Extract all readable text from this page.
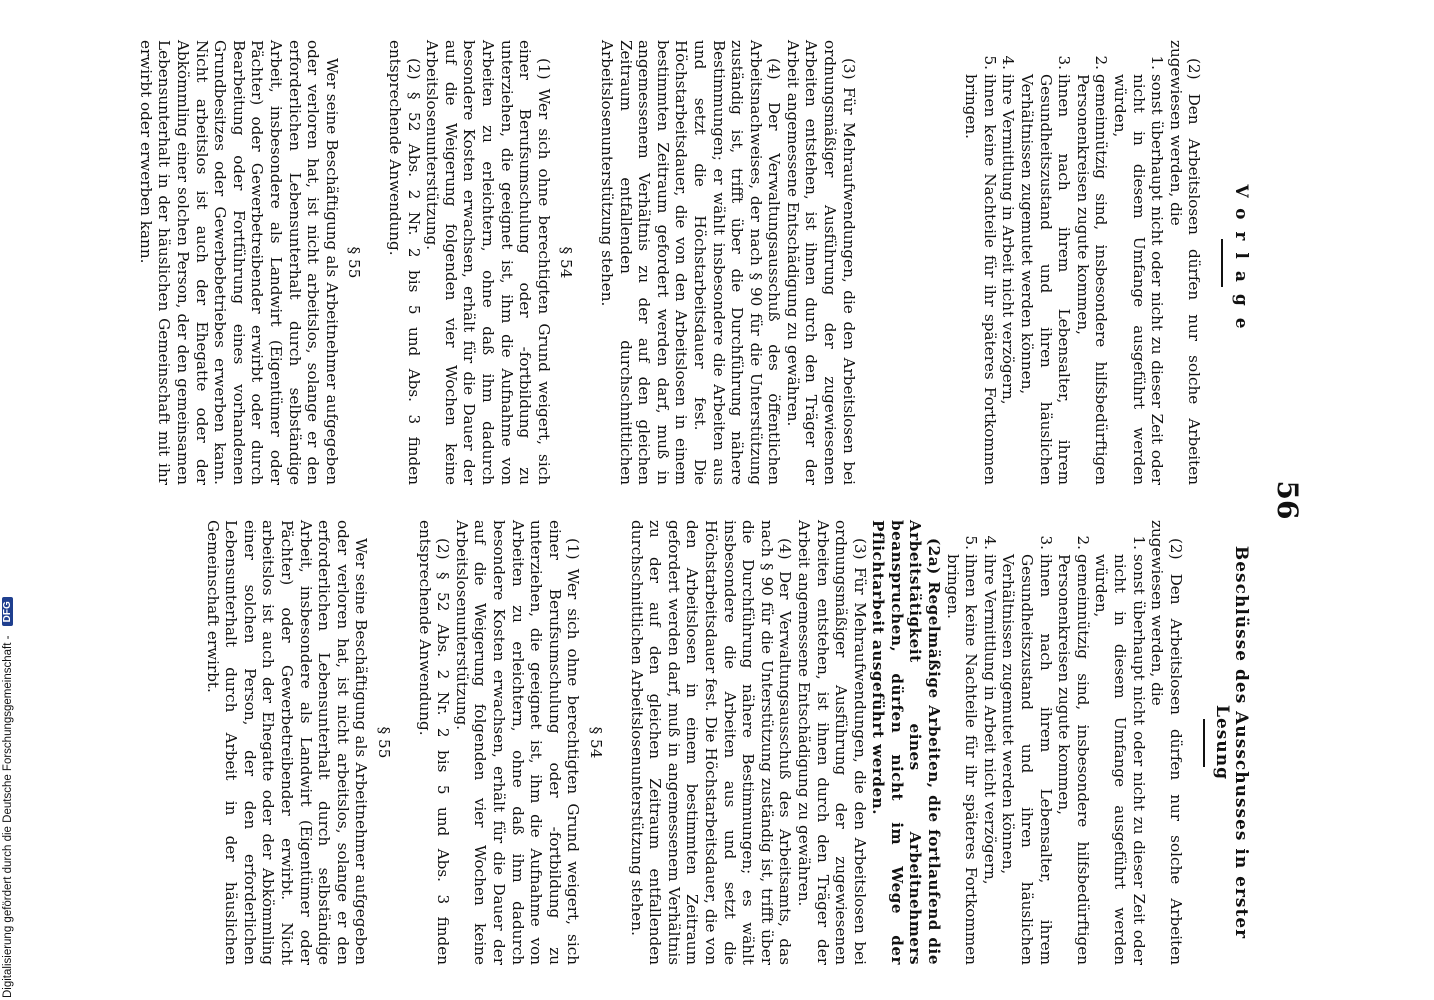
56
Vorlage

(2) Den Arbeitslosen dürfen nur solche Arbeiten zugewiesen werden, die

1.
sonst überhaupt nicht oder nicht zu dieser Zeit oder nicht in diesem Umfange ausgeführt werden würden,
2.
gemeinnützig sind, insbesondere hilfsbedürftigen Personenkreisen zugute kommen,
3.
ihnen nach ihrem Lebensalter, ihrem Gesundheitszustand und ihren häuslichen Verhältnissen zugemutet werden können,
4.
ihre Vermittlung in Arbeit nicht verzögern,
5.
ihnen keine Nachteile für ihr späteres Fortkommen bringen.

(3) Für Mehraufwendungen, die den Arbeitslosen bei ordnungsmäßiger Ausführung der zugewiesenen Arbeiten entstehen, ist ihnen durch den Träger der Arbeit angemessene Entschädigung zu gewähren.

(4) Der Verwaltungsausschuß des öffentlichen Arbeitsnachweises, der nach § 90 für die Unterstützung zuständig ist, trifft über die Durchführung nähere Bestimmungen; er wählt insbesondere die Arbeiten aus und setzt die Höchstarbeitsdauer fest. Die Höchstarbeitsdauer, die von den Arbeitslosen in einem bestimmten Zeitraum gefordert werden darf, muß in angemessenem Verhältnis zu der auf den gleichen Zeitraum entfallenden durchschnittlichen Arbeitslosenunterstützung stehen.

§ 54

(1) Wer sich ohne berechtigten Grund weigert, sich einer Berufsumschulung oder -fortbildung zu unterziehen, die geeignet ist, ihm die Aufnahme von Arbeiten zu erleichtern, ohne daß ihm dadurch besondere Kosten erwachsen, erhält für die Dauer der auf die Weigerung folgenden vier Wochen keine Arbeitslosenunterstützung.

(2) § 52 Abs. 2 Nr. 2 bis 5 und Abs. 3 finden entsprechende Anwendung.

§ 55

Wer seine Beschäftigung als Arbeitnehmer aufgegeben oder verloren hat, ist nicht arbeitslos, solange er den erforderlichen Lebensunterhalt durch selbständige Arbeit, insbesondere als Landwirt (Eigentümer oder Pächter) oder Gewerbetreibender erwirbt oder durch Bearbeitung oder Fortführung eines vorhandenen Grundbesitzes oder Gewerbebetriebes erwerben kann. Nicht arbeitslos ist auch der Ehegatte oder der Abkömmling einer solchen Person, der den gemeinsamen Lebensunterhalt in der häuslichen Gemeinschaft mit ihr erwirbt oder erwerben kann.

Beschlüsse des Ausschusses in erster Lesung

(2) Den Arbeitslosen dürfen nur solche Arbeiten zugewiesen werden, die

1.
sonst überhaupt nicht oder nicht zu dieser Zeit oder nicht in diesem Umfange ausgeführt werden würden,
2.
gemeinnützig sind, insbesondere hilfsbedürftigen Personenkreisen zugute kommen,
3.
ihnen nach ihrem Lebensalter, ihrem Gesundheitszustand und ihren häuslichen Verhältnissen zugemutet werden können,
4.
ihre Vermittlung in Arbeit nicht verzögern,
5.
ihnen keine Nachteile für ihr späteres Fortkommen bringen.

(2a) Regelmäßige Arbeiten, die fortlaufend die Arbeitstätigkeit eines Arbeitnehmers beanspruchen, dürfen nicht im Wege der Pflichtarbeit ausgeführt werden.

(3) Für Mehraufwendungen, die den Arbeitslosen bei ordnungsmäßiger Ausführung der zugewiesenen Arbeiten entstehen, ist ihnen durch den Träger der Arbeit angemessene Entschädigung zu gewähren.

(4) Der Verwaltungsausschuß des Arbeitsamts, das nach § 90 für die Unterstützung zuständig ist, trifft über die Durchführung nähere Bestimmungen; es wählt insbesondere die Arbeiten aus und setzt die Höchstarbeitsdauer fest. Die Höchstarbeitsdauer, die von den Arbeitslosen in einem bestimmten Zeitraum gefordert werden darf, muß in angemessenem Verhältnis zu der auf den gleichen Zeitraum entfallenden durchschnittlichen Arbeitslosenunterstützung stehen.

§ 54

(1) Wer sich ohne berechtigten Grund weigert, sich einer Berufsumschulung oder -fortbildung zu unterziehen, die geeignet ist, ihm die Aufnahme von Arbeiten zu erleichtern, ohne daß ihm dadurch besondere Kosten erwachsen, erhält für die Dauer der auf die Weigerung folgenden vier Wochen keine Arbeitslosenunterstützung.

(2) § 52 Abs. 2 Nr. 2 bis 5 und Abs. 3 finden entsprechende Anwendung.

§ 55

Wer seine Beschäftigung als Arbeitnehmer aufgegeben oder verloren hat, ist nicht arbeitslos, solange er den erforderlichen Lebensunterhalt durch selbständige Arbeit, insbesondere als Landwirt (Eigentümer oder Pächter) oder Gewerbetreibender erwirbt. Nicht arbeitslos ist auch der Ehegatte oder der Abkömmling einer solchen Person, der den erforderlichen Lebensunterhalt durch Arbeit in der häuslichen Gemeinschaft erwirbt.

Digitalisierung gefördert durch die Deutsche Forschungsgemeinschaft - DFG
